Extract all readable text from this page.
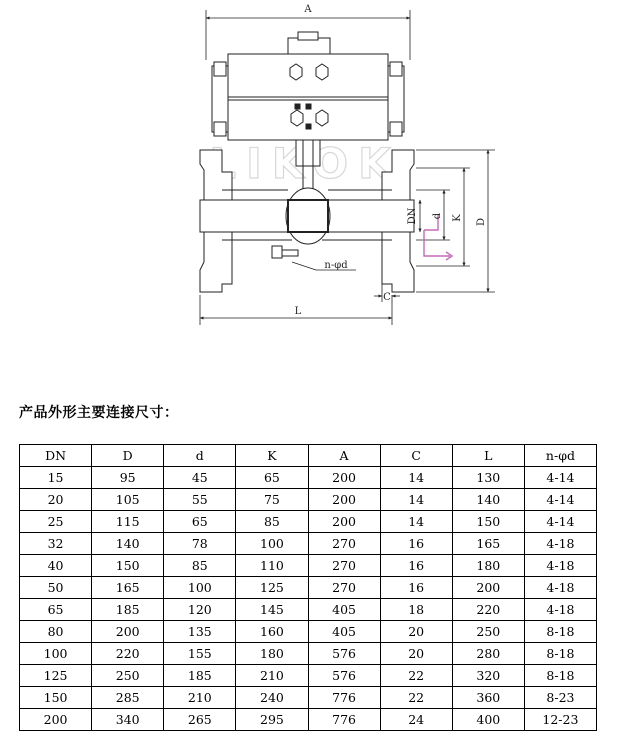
A
L
C
D
K
d
DN
n-φd
产品外形主要连接尺寸：
DN	D	d	K	A	C	L	n-φd
15	95	45	65	200	14	130	4-14
20	105	55	75	200	14	140	4-14
25	115	65	85	200	14	150	4-14
32	140	78	100	270	16	165	4-18
40	150	85	110	270	16	180	4-18
50	165	100	125	270	16	200	4-18
65	185	120	145	405	18	220	4-18
80	200	135	160	405	20	250	8-18
100	220	155	180	576	20	280	8-18
125	250	185	210	576	22	320	8-18
150	285	210	240	776	22	360	8-23
200	340	265	295	776	24	400	12-23
